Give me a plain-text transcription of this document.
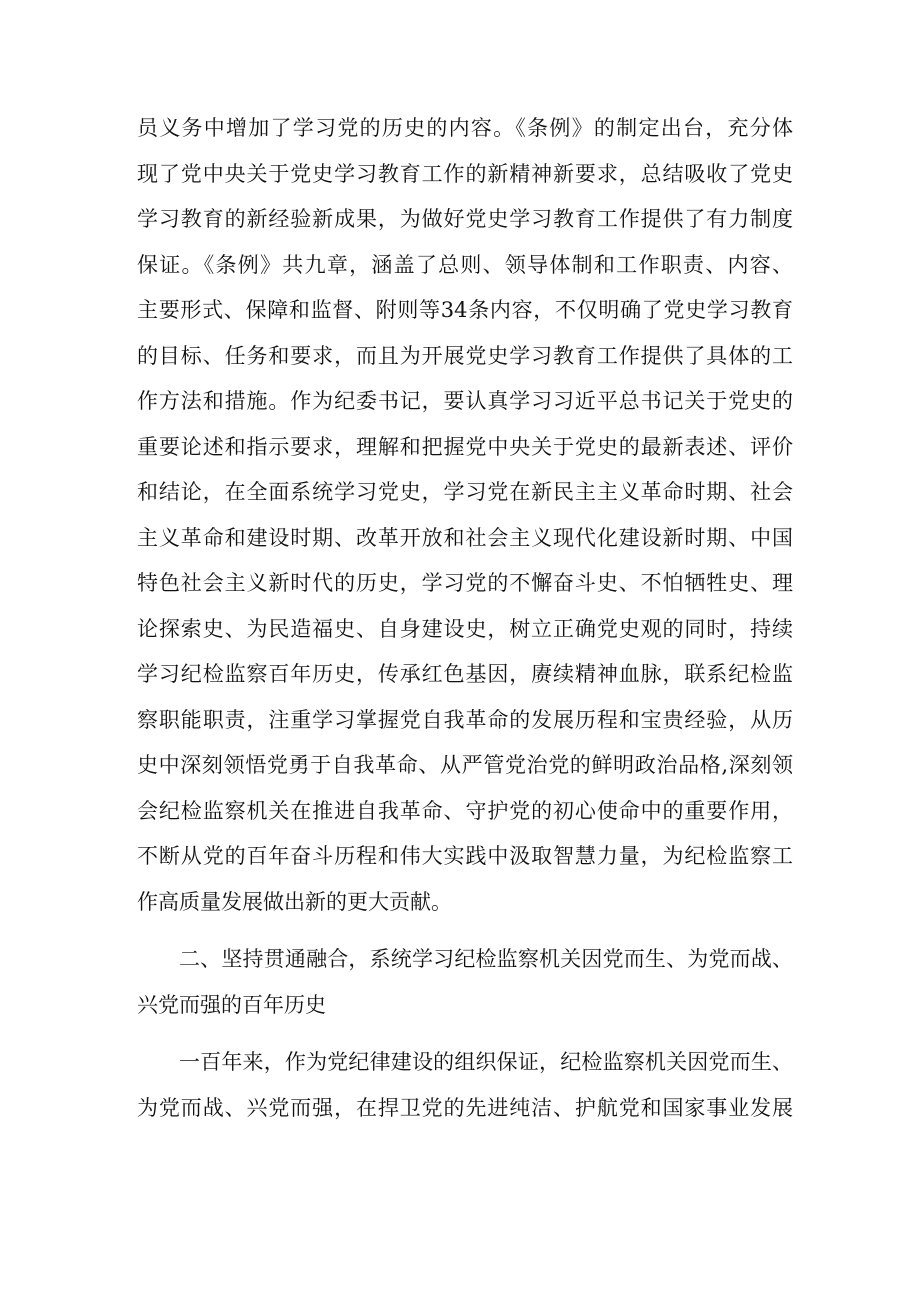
员义务中增加了学习党的历史的内容。《条例》的制定出台，充分体
现了党中央关于党史学习教育工作的新精神新要求，总结吸收了党史
学习教育的新经验新成果，为做好党史学习教育工作提供了有力制度
保证。《条例》共九章，涵盖了总则、领导体制和工作职责、内容、
主要形式、保障和监督、附则等34条内容，不仅明确了党史学习教育
的目标、任务和要求，而且为开展党史学习教育工作提供了具体的工
作方法和措施。作为纪委书记，要认真学习习近平总书记关于党史的
重要论述和指示要求，理解和把握党中央关于党史的最新表述、评价
和结论，在全面系统学习党史，学习党在新民主主义革命时期、社会
主义革命和建设时期、改革开放和社会主义现代化建设新时期、中国
特色社会主义新时代的历史，学习党的不懈奋斗史、不怕牺牲史、理
论探索史、为民造福史、自身建设史，树立正确党史观的同时，持续
学习纪检监察百年历史，传承红色基因，赓续精神血脉，联系纪检监
察职能职责，注重学习掌握党自我革命的发展历程和宝贵经验，从历
史中深刻领悟党勇于自我革命、从严管党治党的鲜明政治品格,深刻领
会纪检监察机关在推进自我革命、守护党的初心使命中的重要作用，
不断从党的百年奋斗历程和伟大实践中汲取智慧力量，为纪检监察工
作高质量发展做出新的更大贡献。
二、坚持贯通融合，系统学习纪检监察机关因党而生、为党而战、
兴党而强的百年历史
一百年来，作为党纪律建设的组织保证，纪检监察机关因党而生、
为党而战、兴党而强，在捍卫党的先进纯洁、护航党和国家事业发展
